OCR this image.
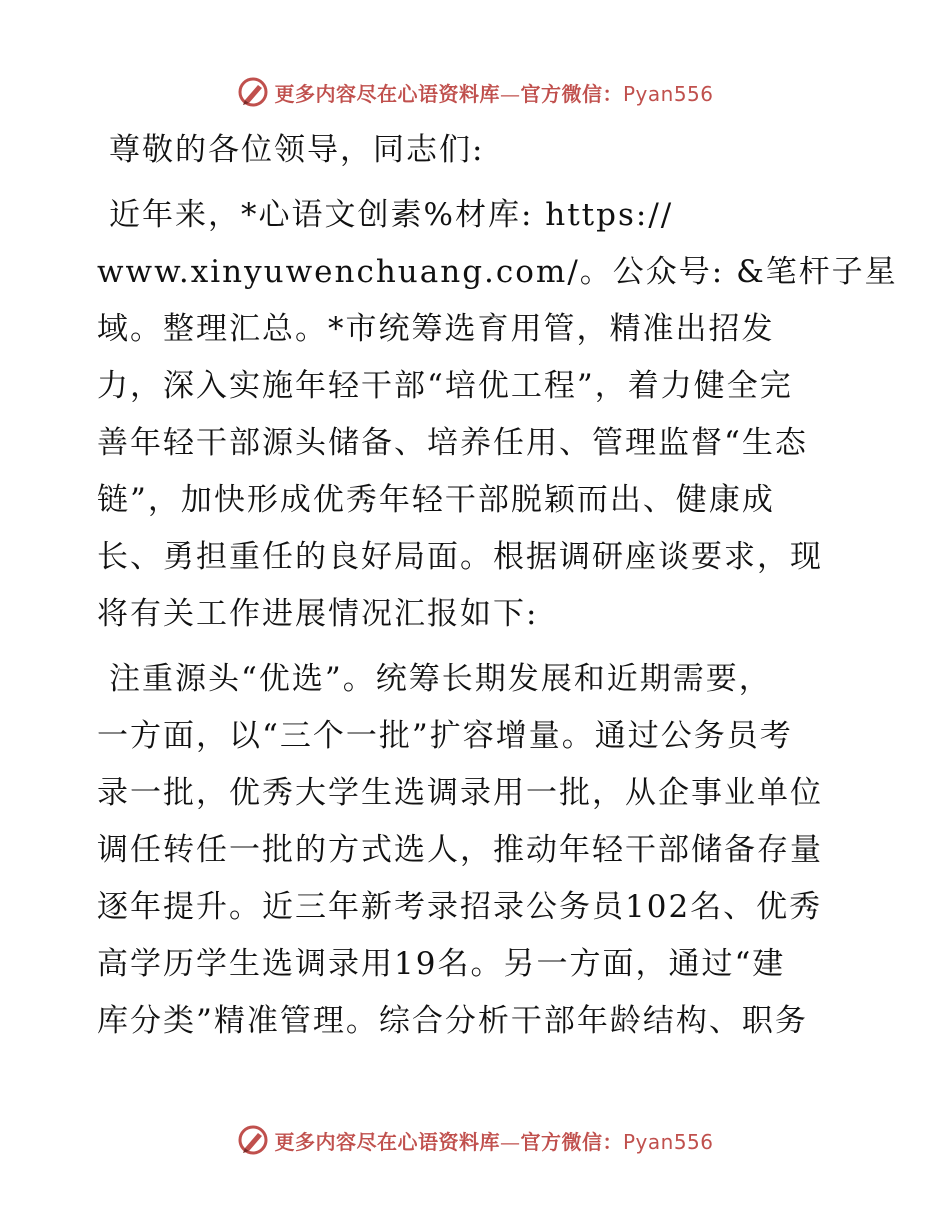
更多内容尽在心语资料库—官方微信：Pyan556
尊敬的各位领导，同志们:
近年来，*心语文创素%材库: https://
www.xinyuwenchuang.com/。公众号: &笔杆子星
域。整理汇总。*市统筹选育用管，精准出招发
力，深入实施年轻干部“培优工程”，着力健全完
善年轻干部源头储备、培养任用、管理监督“生态
链”，加快形成优秀年轻干部脱颖而出、健康成
长、勇担重任的良好局面。根据调研座谈要求，现
将有关工作进展情况汇报如下:
注重源头“优选”。统筹长期发展和近期需要，
一方面，以“三个一批”扩容增量。通过公务员考
录一批，优秀大学生选调录用一批，从企事业单位
调任转任一批的方式选人，推动年轻干部储备存量
逐年提升。近三年新考录招录公务员102名、优秀
高学历学生选调录用19名。另一方面，通过“建
库分类”精准管理。综合分析干部年龄结构、职务
更多内容尽在心语资料库—官方微信：Pyan556
